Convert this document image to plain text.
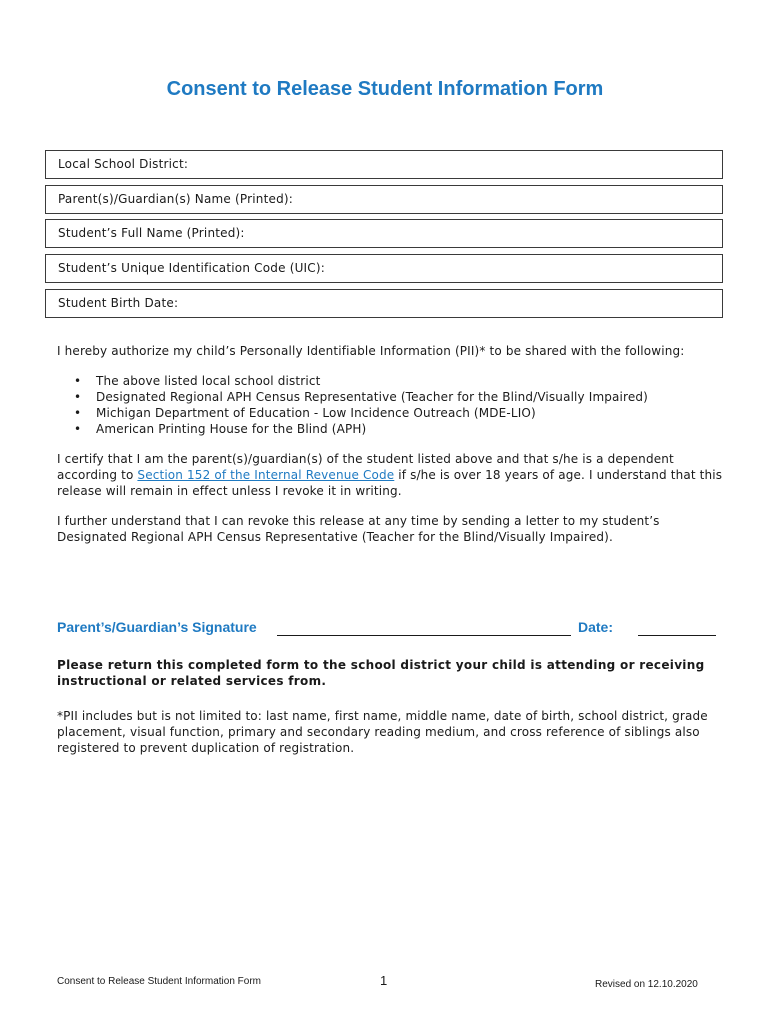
Consent to Release Student Information Form
Local School District:
Parent(s)/Guardian(s) Name (Printed):
Student’s Full Name (Printed):
Student’s Unique Identification Code (UIC):
Student Birth Date:

I hereby authorize my child’s Personally Identifiable Information (PII)* to be shared with the following:

• The above listed local school district
• Designated Regional APH Census Representative (Teacher for the Blind/Visually Impaired)
• Michigan Department of Education - Low Incidence Outreach (MDE-LIO)
• American Printing House for the Blind (APH)

I certify that I am the parent(s)/guardian(s) of the student listed above and that s/he is a dependent according to Section 152 of the Internal Revenue Code if s/he is over 18 years of age. I understand that this release will remain in effect unless I revoke it in writing.

I further understand that I can revoke this release at any time by sending a letter to my student’s Designated Regional APH Census Representative (Teacher for the Blind/Visually Impaired).

Parent’s/Guardian’s Signature	Date:
Please return this completed form to the school district your child is attending or receiving instructional or related services from.

*PII includes but is not limited to: last name, first name, middle name, date of birth, school district, grade placement, visual function, primary and secondary reading medium, and cross reference of siblings also registered to prevent duplication of registration.

Consent to Release Student Information Form	1	Revised on 12.10.2020
